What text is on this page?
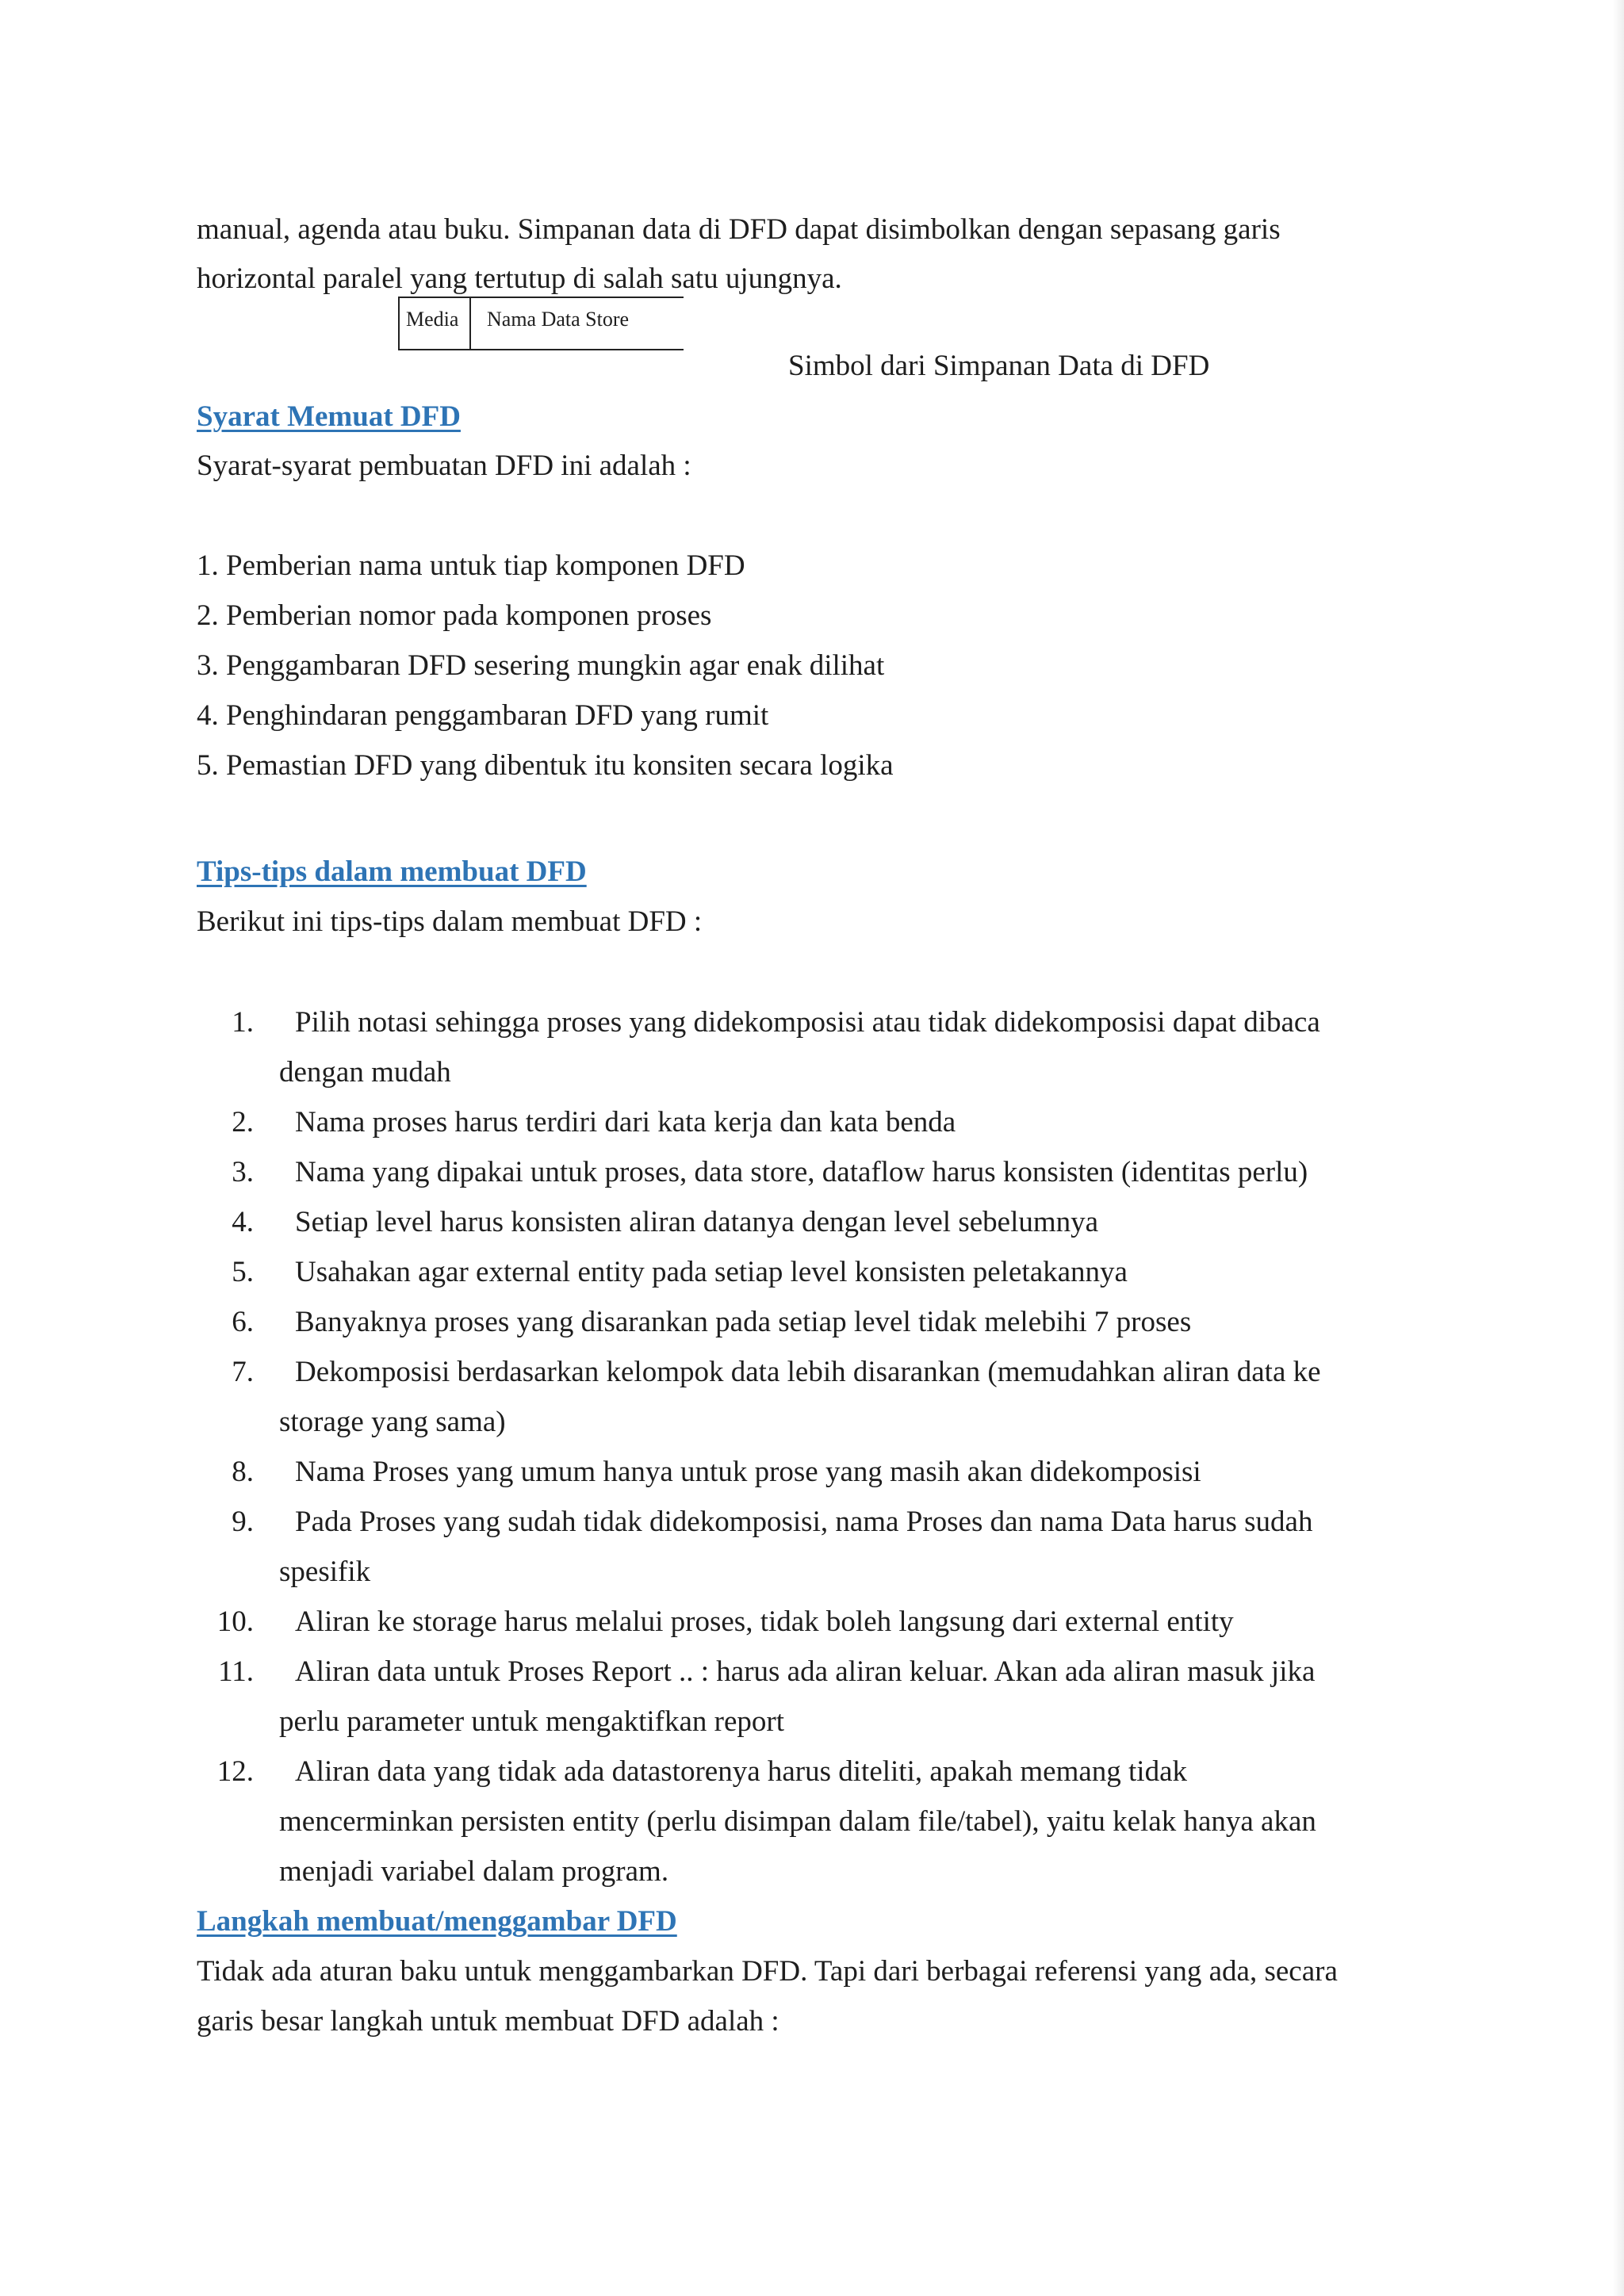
manual, agenda atau buku. Simpanan data di DFD dapat disimbolkan dengan sepasang garis
horizontal paralel yang tertutup di salah satu ujungnya.
Media Nama Data Store
Simbol dari Simpanan Data di DFD
Syarat Memuat DFD
Syarat-syarat pembuatan DFD ini adalah :
1. Pemberian nama untuk tiap komponen DFD
2. Pemberian nomor pada komponen proses
3. Penggambaran DFD sesering mungkin agar enak dilihat
4. Penghindaran penggambaran DFD yang rumit
5. Pemastian DFD yang dibentuk itu konsiten secara logika
Tips-tips dalam membuat DFD
Berikut ini tips-tips dalam membuat DFD :
1. Pilih notasi sehingga proses yang didekomposisi atau tidak didekomposisi dapat dibaca
dengan mudah
2. Nama proses harus terdiri dari kata kerja dan kata benda
3. Nama yang dipakai untuk proses, data store, dataflow harus konsisten (identitas perlu)
4. Setiap level harus konsisten aliran datanya dengan level sebelumnya
5. Usahakan agar external entity pada setiap level konsisten peletakannya
6. Banyaknya proses yang disarankan pada setiap level tidak melebihi 7 proses
7. Dekomposisi berdasarkan kelompok data lebih disarankan (memudahkan aliran data ke
storage yang sama)
8. Nama Proses yang umum hanya untuk prose yang masih akan didekomposisi
9. Pada Proses yang sudah tidak didekomposisi, nama Proses dan nama Data harus sudah
spesifik
10. Aliran ke storage harus melalui proses, tidak boleh langsung dari external entity
11. Aliran data untuk Proses Report .. : harus ada aliran keluar. Akan ada aliran masuk jika
perlu parameter untuk mengaktifkan report
12. Aliran data yang tidak ada datastorenya harus diteliti, apakah memang tidak
mencerminkan persisten entity (perlu disimpan dalam file/tabel), yaitu kelak hanya akan
menjadi variabel dalam program.
Langkah membuat/menggambar DFD
Tidak ada aturan baku untuk menggambarkan DFD. Tapi dari berbagai referensi yang ada, secara
garis besar langkah untuk membuat DFD adalah :
